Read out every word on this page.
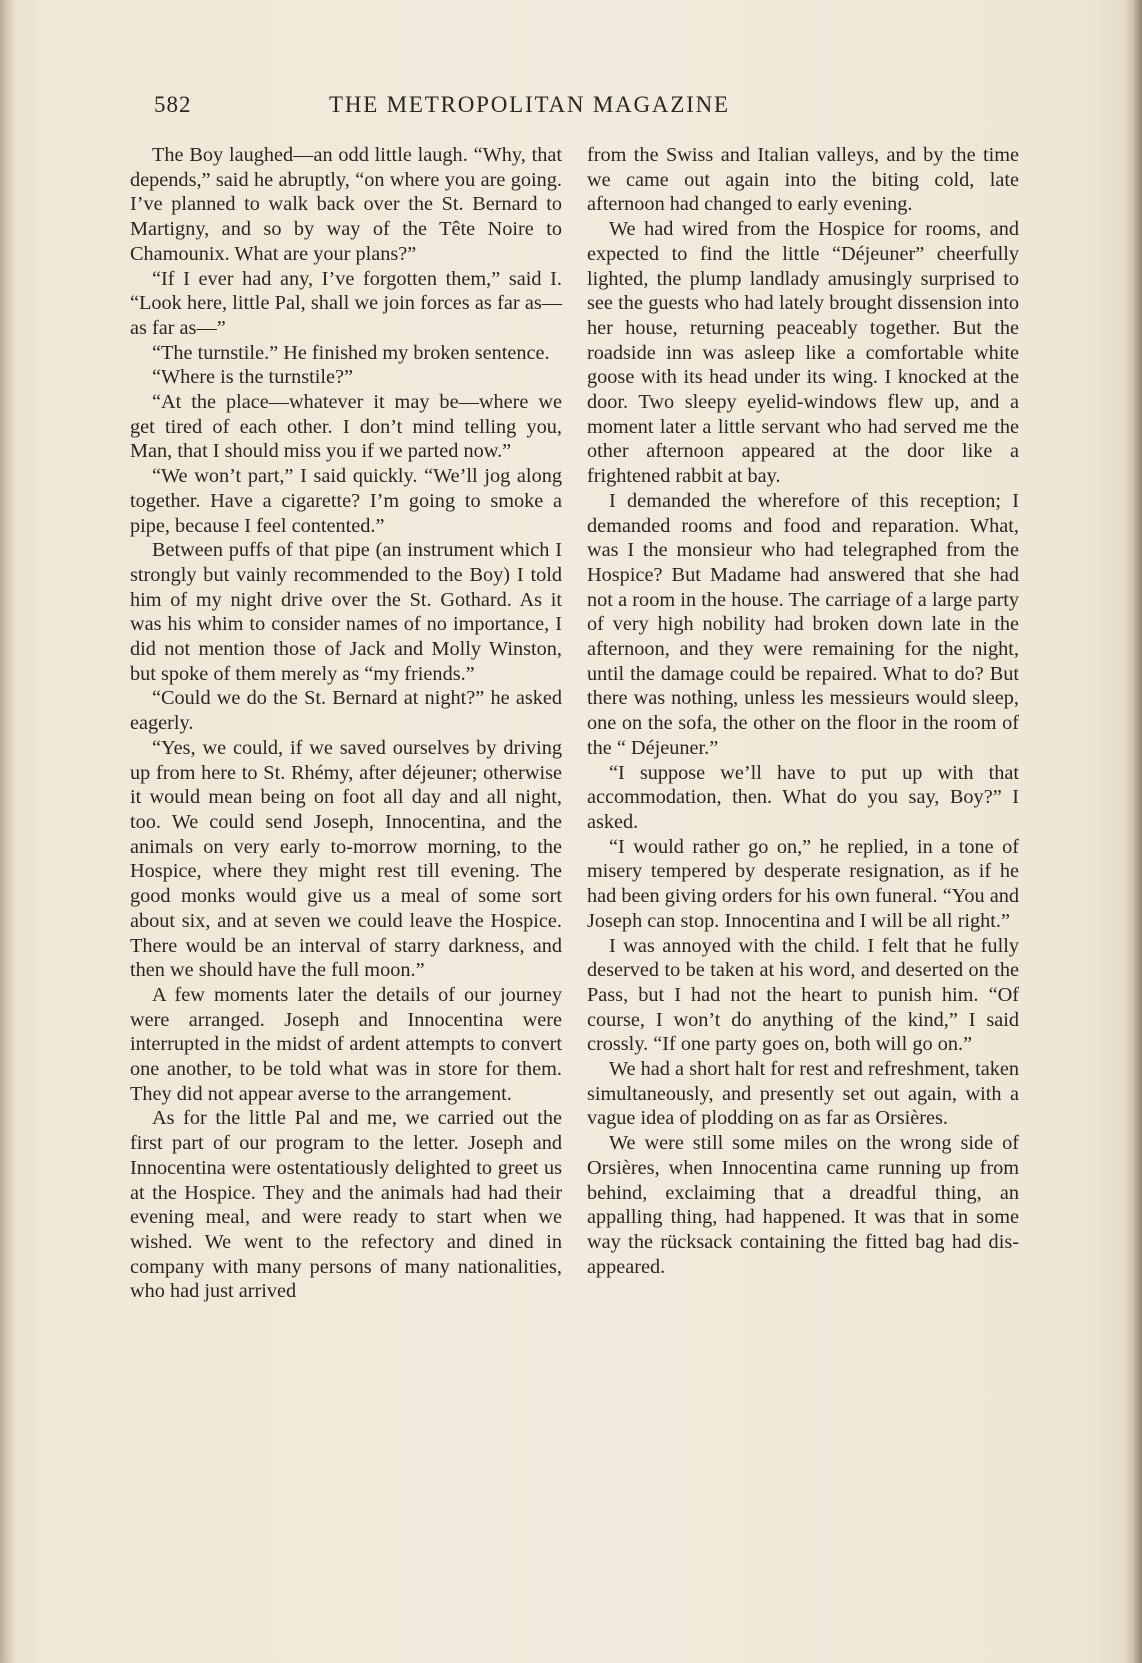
582	THE METROPOLITAN MAGAZINE

The Boy laughed—an odd little laugh. “Why, that depends,” said he abruptly, “on where you are going. I’ve planned to walk back over the St. Bernard to Martigny, and so by way of the Tête Noire to Chamounix. What are your plans?”

“If I ever had any, I’ve forgotten them,” said I. “Look here, little Pal, shall we join forces as far as—as far as—”

“The turnstile.” He finished my broken sentence.

“Where is the turnstile?”

“At the place—whatever it may be—where we get tired of each other. I don’t mind telling you, Man, that I should miss you if we parted now.”

“We won’t part,” I said quickly. “We’ll jog along together. Have a cigarette? I’m going to smoke a pipe, because I feel contented.”

Between puffs of that pipe (an instrument which I strongly but vainly recommended to the Boy) I told him of my night drive over the St. Gothard. As it was his whim to consider names of no importance, I did not mention those of Jack and Molly Winston, but spoke of them merely as “my friends.”

“Could we do the St. Bernard at night?” he asked eagerly.

“Yes, we could, if we saved ourselves by driving up from here to St. Rhémy, after déjeuner; otherwise it would mean being on foot all day and all night, too. We could send Joseph, Innocentina, and the animals on very early to-morrow morning, to the Hospice, where they might rest till evening. The good monks would give us a meal of some sort about six, and at seven we could leave the Hospice. There would be an interval of starry darkness, and then we should have the full moon.”

A few moments later the details of our journey were arranged. Joseph and Innocentina were interrupted in the midst of ardent attempts to convert one another, to be told what was in store for them. They did not appear averse to the arrangement.

As for the little Pal and me, we carried out the first part of our program to the letter. Joseph and Innocentina were ostentatiously delighted to greet us at the Hospice. They and the animals had had their evening meal, and were ready to start when we wished. We went to the refectory and dined in company with many persons of many nationalities, who had just arrived

from the Swiss and Italian valleys, and by the time we came out again into the biting cold, late afternoon had changed to early evening.

We had wired from the Hospice for rooms, and expected to find the little “Déjeuner” cheerfully lighted, the plump landlady amusingly surprised to see the guests who had lately brought dissension into her house, returning peaceably together. But the roadside inn was asleep like a comfortable white goose with its head under its wing. I knocked at the door. Two sleepy eyelid-windows flew up, and a moment later a little servant who had served me the other afternoon appeared at the door like a frightened rabbit at bay.

I demanded the wherefore of this reception; I demanded rooms and food and reparation. What, was I the monsieur who had telegraphed from the Hospice? But Madame had answered that she had not a room in the house. The carriage of a large party of very high nobility had broken down late in the afternoon, and they were remaining for the night, until the damage could be repaired. What to do? But there was nothing, unless les messieurs would sleep, one on the sofa, the other on the floor in the room of the “ Déjeuner.”

“I suppose we’ll have to put up with that accommodation, then. What do you say, Boy?” I asked.

“I would rather go on,” he replied, in a tone of misery tempered by desperate resignation, as if he had been giving orders for his own funeral. “You and Joseph can stop. Innocentina and I will be all right.”

I was annoyed with the child. I felt that he fully deserved to be taken at his word, and deserted on the Pass, but I had not the heart to punish him. “Of course, I won’t do anything of the kind,” I said crossly. “If one party goes on, both will go on.”

We had a short halt for rest and refreshment, taken simultaneously, and presently set out again, with a vague idea of plodding on as far as Orsières.

We were still some miles on the wrong side of Orsières, when Innocentina came running up from behind, exclaiming that a dreadful thing, an appalling thing, had happened. It was that in some way the rücksack containing the fitted bag had disappeared.
